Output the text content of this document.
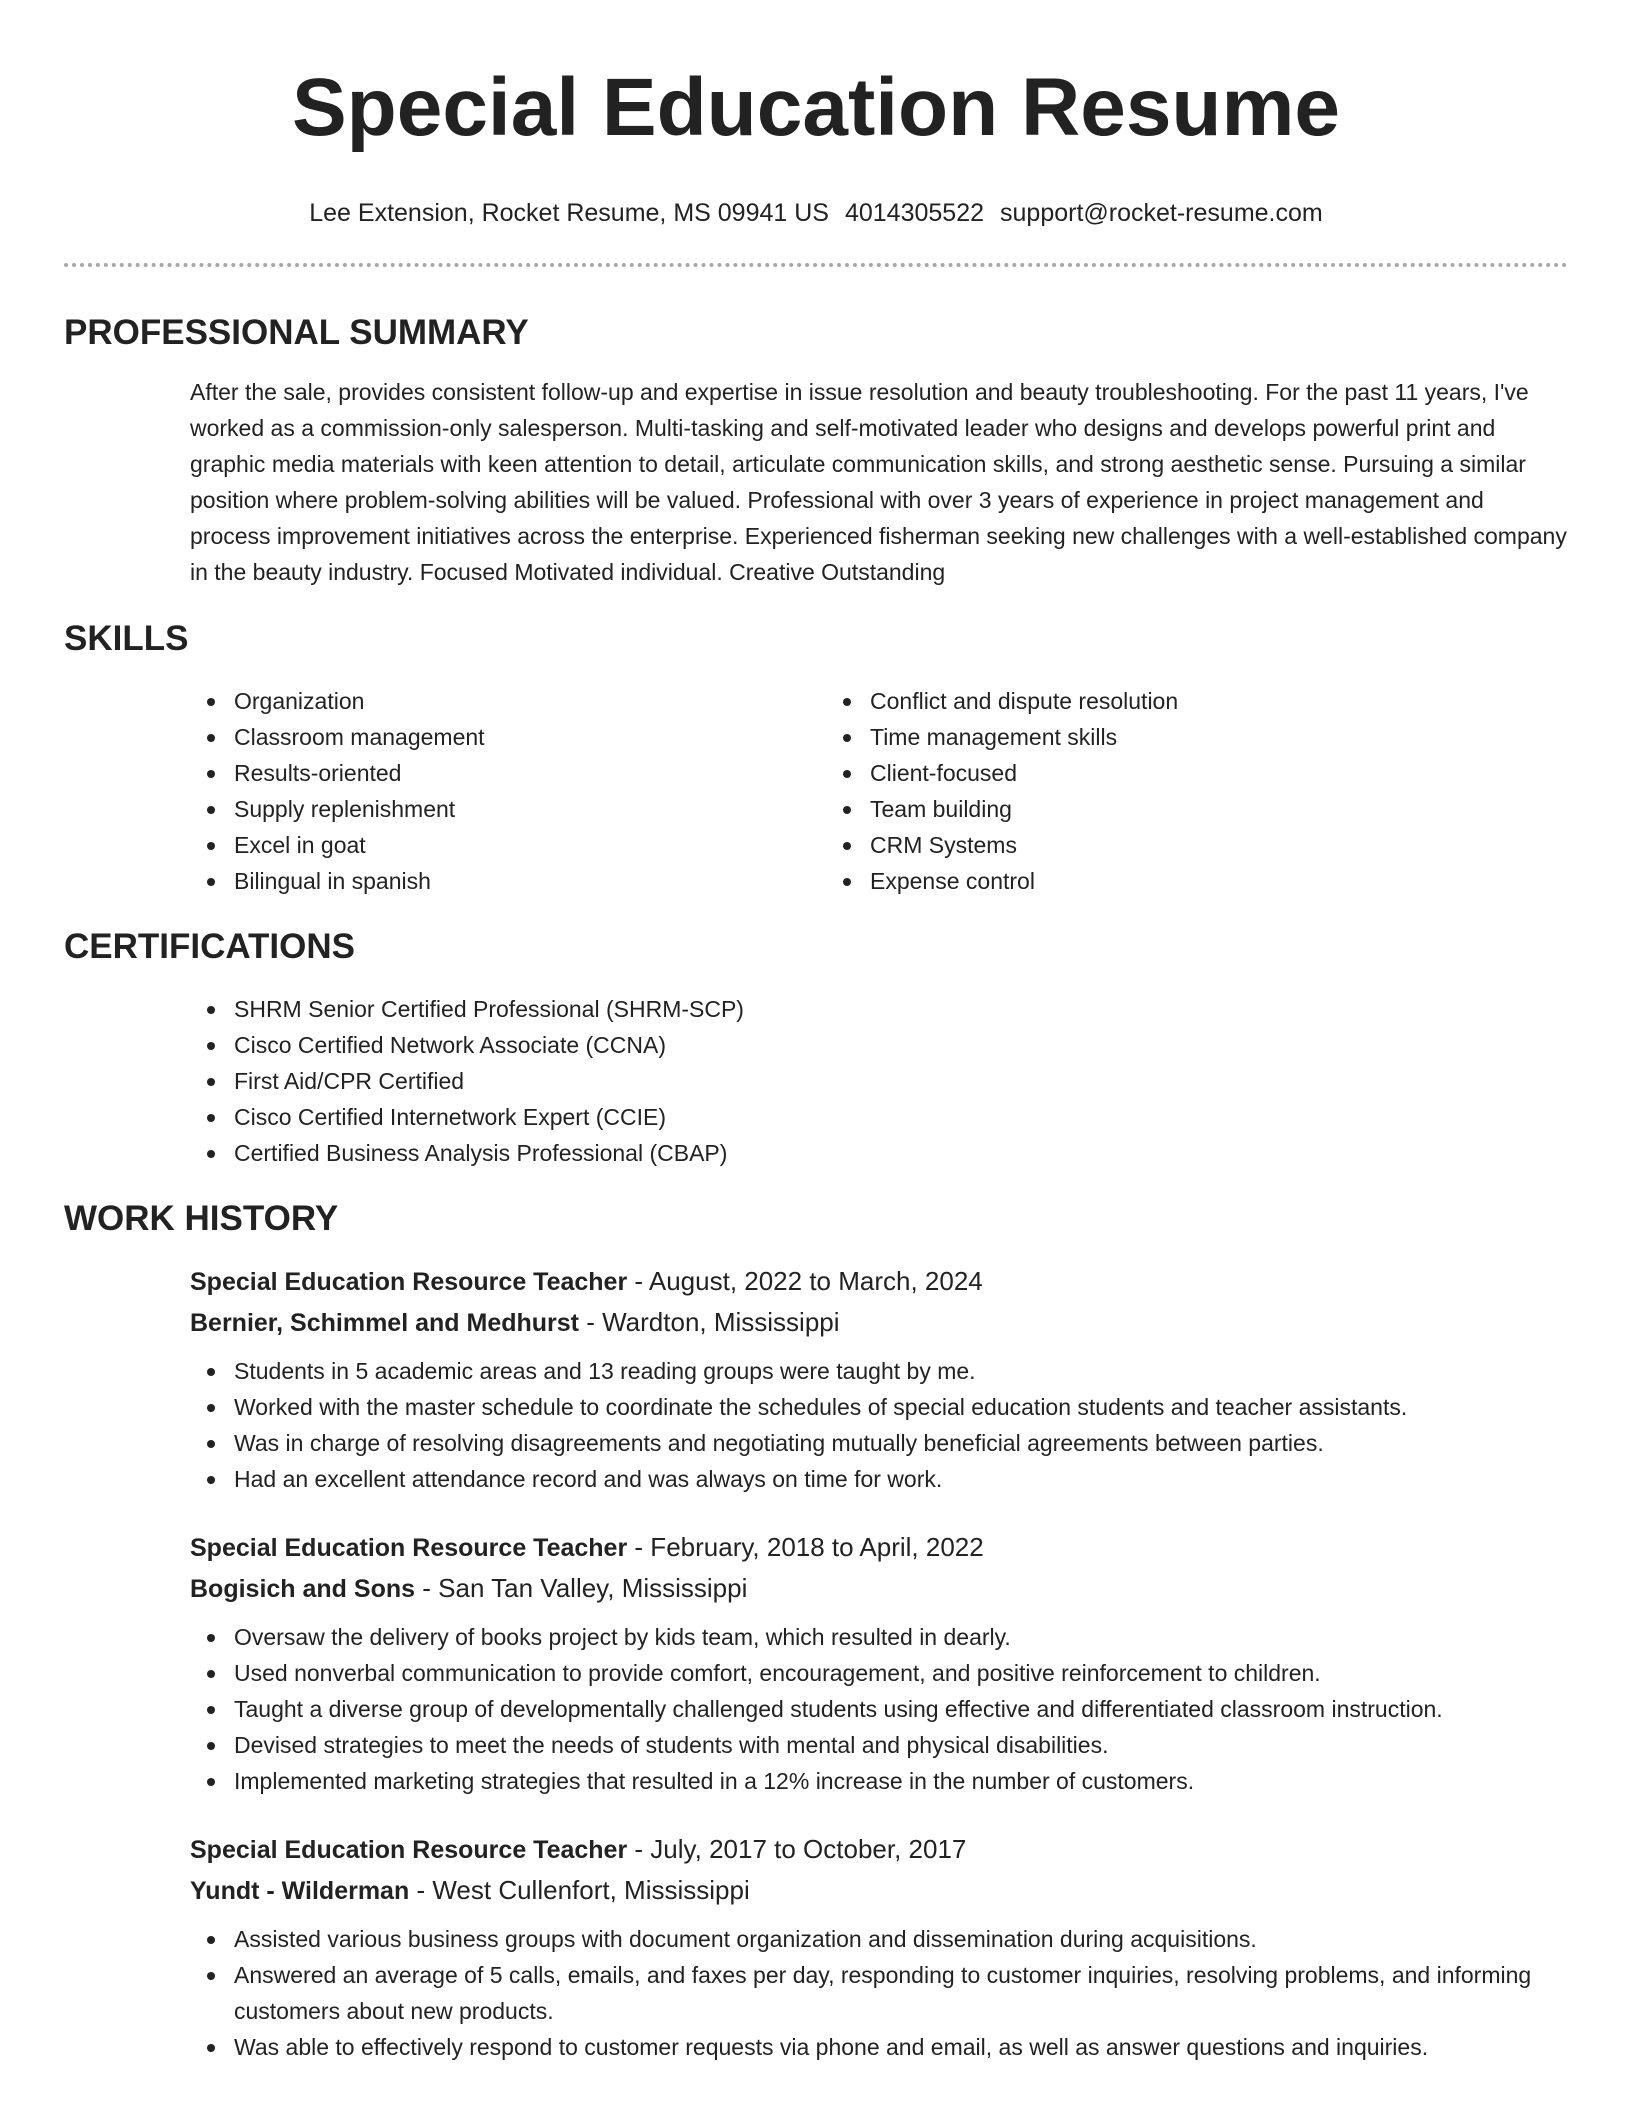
Special Education Resume
Lee Extension, Rocket Resume, MS 09941 US 4014305522 support@rocket-resume.com
PROFESSIONAL SUMMARY
After the sale, provides consistent follow-up and expertise in issue resolution and beauty troubleshooting. For the past 11 years, I've worked as a commission-only salesperson. Multi-tasking and self-motivated leader who designs and develops powerful print and graphic media materials with keen attention to detail, articulate communication skills, and strong aesthetic sense. Pursuing a similar position where problem-solving abilities will be valued. Professional with over 3 years of experience in project management and process improvement initiatives across the enterprise. Experienced fisherman seeking new challenges with a well-established company in the beauty industry. Focused Motivated individual. Creative Outstanding
SKILLS
Organization
Classroom management
Results-oriented
Supply replenishment
Excel in goat
Bilingual in spanish
Conflict and dispute resolution
Time management skills
Client-focused
Team building
CRM Systems
Expense control
CERTIFICATIONS
SHRM Senior Certified Professional (SHRM-SCP)
Cisco Certified Network Associate (CCNA)
First Aid/CPR Certified
Cisco Certified Internetwork Expert (CCIE)
Certified Business Analysis Professional (CBAP)
WORK HISTORY
Special Education Resource Teacher - August, 2022 to March, 2024
Bernier, Schimmel and Medhurst - Wardton, Mississippi
Students in 5 academic areas and 13 reading groups were taught by me.
Worked with the master schedule to coordinate the schedules of special education students and teacher assistants.
Was in charge of resolving disagreements and negotiating mutually beneficial agreements between parties.
Had an excellent attendance record and was always on time for work.
Special Education Resource Teacher - February, 2018 to April, 2022
Bogisich and Sons - San Tan Valley, Mississippi
Oversaw the delivery of books project by kids team, which resulted in dearly.
Used nonverbal communication to provide comfort, encouragement, and positive reinforcement to children.
Taught a diverse group of developmentally challenged students using effective and differentiated classroom instruction.
Devised strategies to meet the needs of students with mental and physical disabilities.
Implemented marketing strategies that resulted in a 12% increase in the number of customers.
Special Education Resource Teacher - July, 2017 to October, 2017
Yundt - Wilderman - West Cullenfort, Mississippi
Assisted various business groups with document organization and dissemination during acquisitions.
Answered an average of 5 calls, emails, and faxes per day, responding to customer inquiries, resolving problems, and informing customers about new products.
Was able to effectively respond to customer requests via phone and email, as well as answer questions and inquiries.
